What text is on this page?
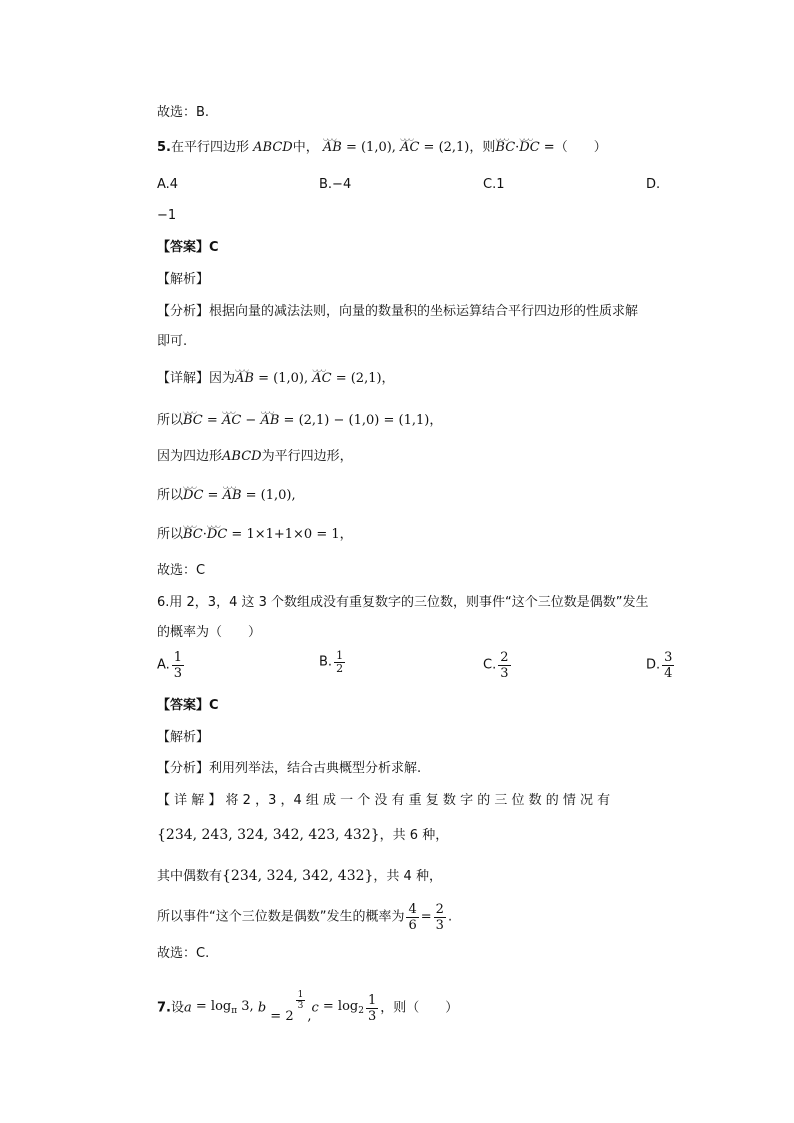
故选：B.
5.在平行四边形 ABCD中， ◡◡◡ AB = (1,0), ◡◡◡ AC = (2,1)，则◡◡◡ BC·◡◡◡ DC =（　　）
A.4	B.−4	C.1	D.
−1
【答案】C
【解析】
【分析】根据向量的减法法则，向量的数量积的坐标运算结合平行四边形的性质求解
即可.
【详解】因为◡◡◡ AB = (1,0), ◡◡◡ AC = (2,1)，
所以◡◡◡ BC = ◡◡◡ AC − ◡◡◡ AB = (2,1) − (1,0) = (1,1)，
因为四边形ABCD为平行四边形，
所以◡◡◡ DC = ◡◡◡ AB = (1,0),
所以◡◡◡ BC·◡◡◡ DC = 1×1+1×0 = 1，
故选：C
6.用 2，3，4 这 3 个数组成没有重复数字的三位数，则事件“这个三位数是偶数”发生
的概率为（　　）
A. $\frac{1}{3}$	B. $\frac{1}{2}$	C. $\frac{2}{3}$	D. $\frac{3}{4}$
【答案】C
【解析】
【分析】利用列举法，结合古典概型分析求解.
【 详 解 】 将 2 ，3 ，4 组 成 一 个 没 有 重 复 数 字 的 三 位 数 的 情 况 有
{234, 243, 324, 342, 423, 432}，共 6 种，
其中偶数有{234, 324, 342, 432}，共 4 种，
所以事件“这个三位数是偶数”发生的概率为 $\frac{4}{6} = \frac{2}{3}$ .
故选：C.
7.设$a = \log_\pi 3$, b = 2
$\frac{1}{3}$
$,c = \log_2 \frac{1}{3}$ ，则（　　）
